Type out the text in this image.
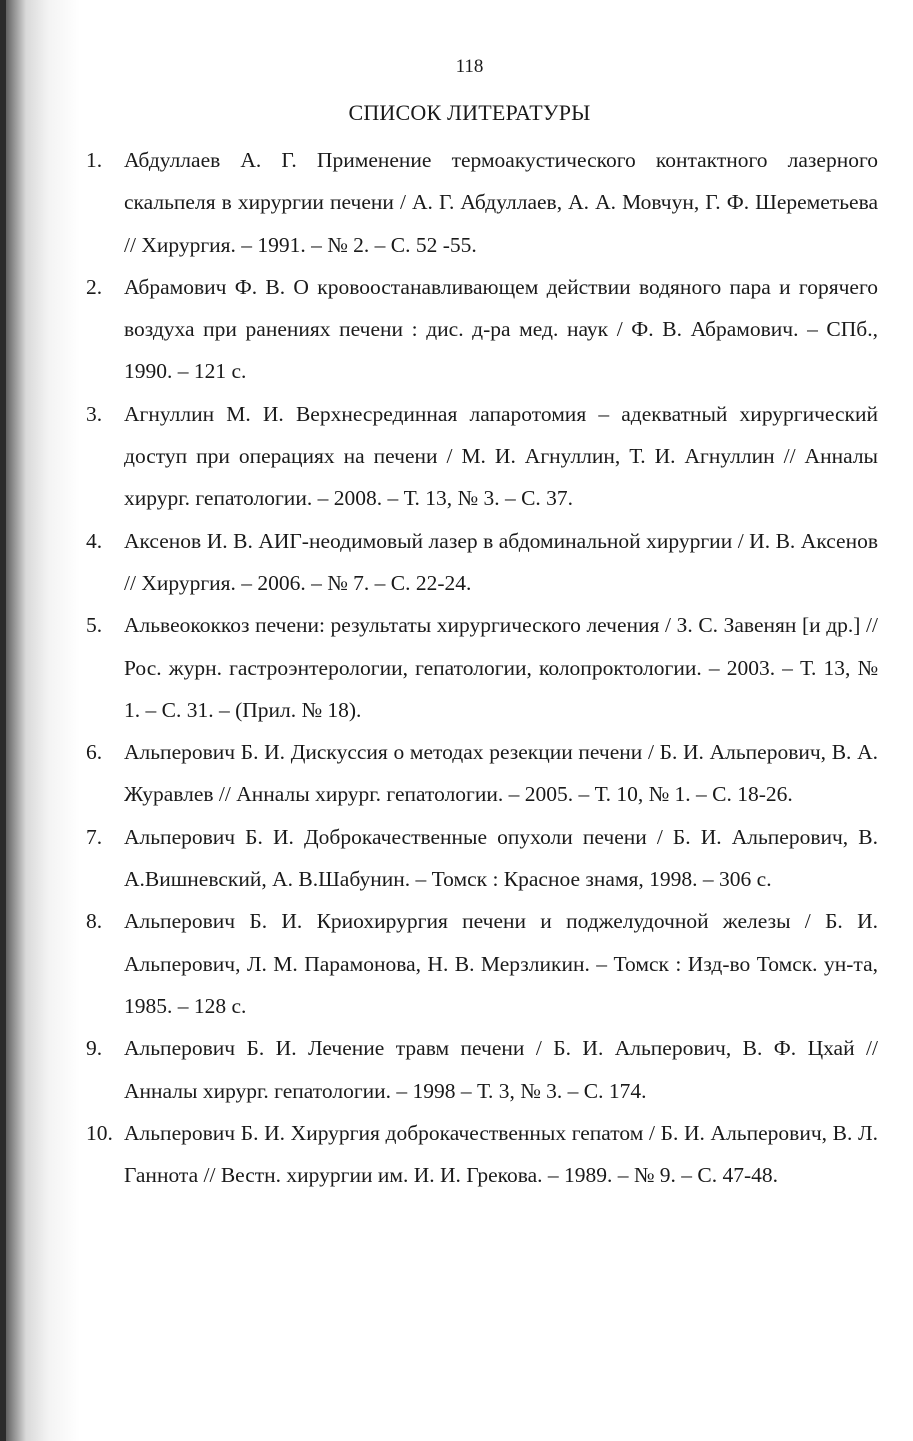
118
СПИСОК ЛИТЕРАТУРЫ
1. Абдуллаев А. Г. Применение термоакустического контактного лазерного скальпеля в хирургии печени / А. Г. Абдуллаев, А. А. Мовчун, Г. Ф. Шереметьева // Хирургия. – 1991. – № 2. – С. 52 -55.
2. Абрамович Ф. В. О кровоостанавливающем действии водяного пара и горячего воздуха при ранениях печени : дис. д-ра мед. наук / Ф. В. Абрамович. – СПб., 1990. – 121 с.
3. Агнуллин М. И. Верхнесрединная лапаротомия – адекватный хирургический доступ при операциях на печени / М. И. Агнуллин, Т. И. Агнуллин // Анналы хирург. гепатологии. – 2008. – Т. 13, № 3. – С. 37.
4. Аксенов И. В. АИГ-неодимовый лазер в абдоминальной хирургии / И. В. Аксенов // Хирургия. – 2006. – № 7. – С. 22-24.
5. Альвеококкоз печени: результаты хирургического лечения / З. С. Завенян [и др.] // Рос. журн. гастроэнтерологии, гепатологии, колопроктологии. – 2003. – Т. 13, № 1. – С. 31. – (Прил. № 18).
6. Альперович Б. И. Дискуссия о методах резекции печени / Б. И. Альперович, В. А. Журавлев // Анналы хирург. гепатологии. – 2005. – Т. 10, № 1. – С. 18-26.
7. Альперович Б. И. Доброкачественные опухоли печени / Б. И. Альперович, В. А.Вишневский, А. В.Шабунин. – Томск : Красное знамя, 1998. – 306 с.
8. Альперович Б. И. Криохирургия печени и поджелудочной железы / Б. И. Альперович, Л. М. Парамонова, Н. В. Мерзликин. – Томск : Изд-во Томск. ун-та, 1985. – 128 с.
9. Альперович Б. И. Лечение травм печени / Б. И. Альперович, В. Ф. Цхай // Анналы хирург. гепатологии. – 1998 – Т. 3, № 3. – С. 174.
10. Альперович Б. И. Хирургия доброкачественных гепатом / Б. И. Альперович, В. Л. Ганнота // Вестн. хирургии им. И. И. Грекова. – 1989. – № 9. – С. 47-48.
